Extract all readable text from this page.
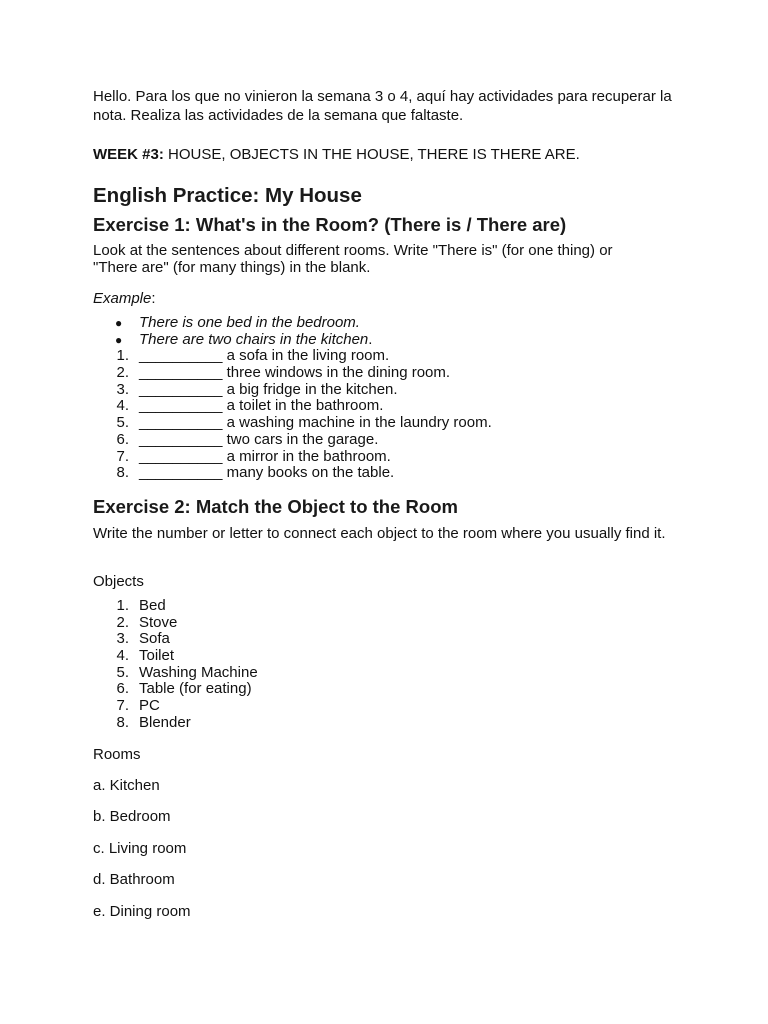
Hello. Para los que no vinieron la semana 3 o 4, aquí hay actividades para recuperar la nota. Realiza las actividades de la semana que faltaste.

WEEK #3: HOUSE, OBJECTS IN THE HOUSE, THERE IS THERE ARE.

English Practice: My House
Exercise 1: What's in the Room? (There is / There are)

Look at the sentences about different rooms. Write "There is" (for one thing) or "There are" (for many things) in the blank.

Example:

●	There is one bed in the bedroom.
●	There are two chairs in the kitchen.
1. __________ a sofa in the living room.
2. __________ three windows in the dining room.
3. __________ a big fridge in the kitchen.
4. __________ a toilet in the bathroom.
5. __________ a washing machine in the laundry room.
6. __________ two cars in the garage.
7. __________ a mirror in the bathroom.
8. __________ many books on the table.
Exercise 2: Match the Object to the Room

Write the number or letter to connect each object to the room where you usually find it.

Objects

1. Bed
2. Stove
3. Sofa
4. Toilet
5. Washing Machine
6. Table (for eating)
7. PC
8. Blender

Rooms

a. Kitchen

b. Bedroom

c. Living room

d. Bathroom

e. Dining room
